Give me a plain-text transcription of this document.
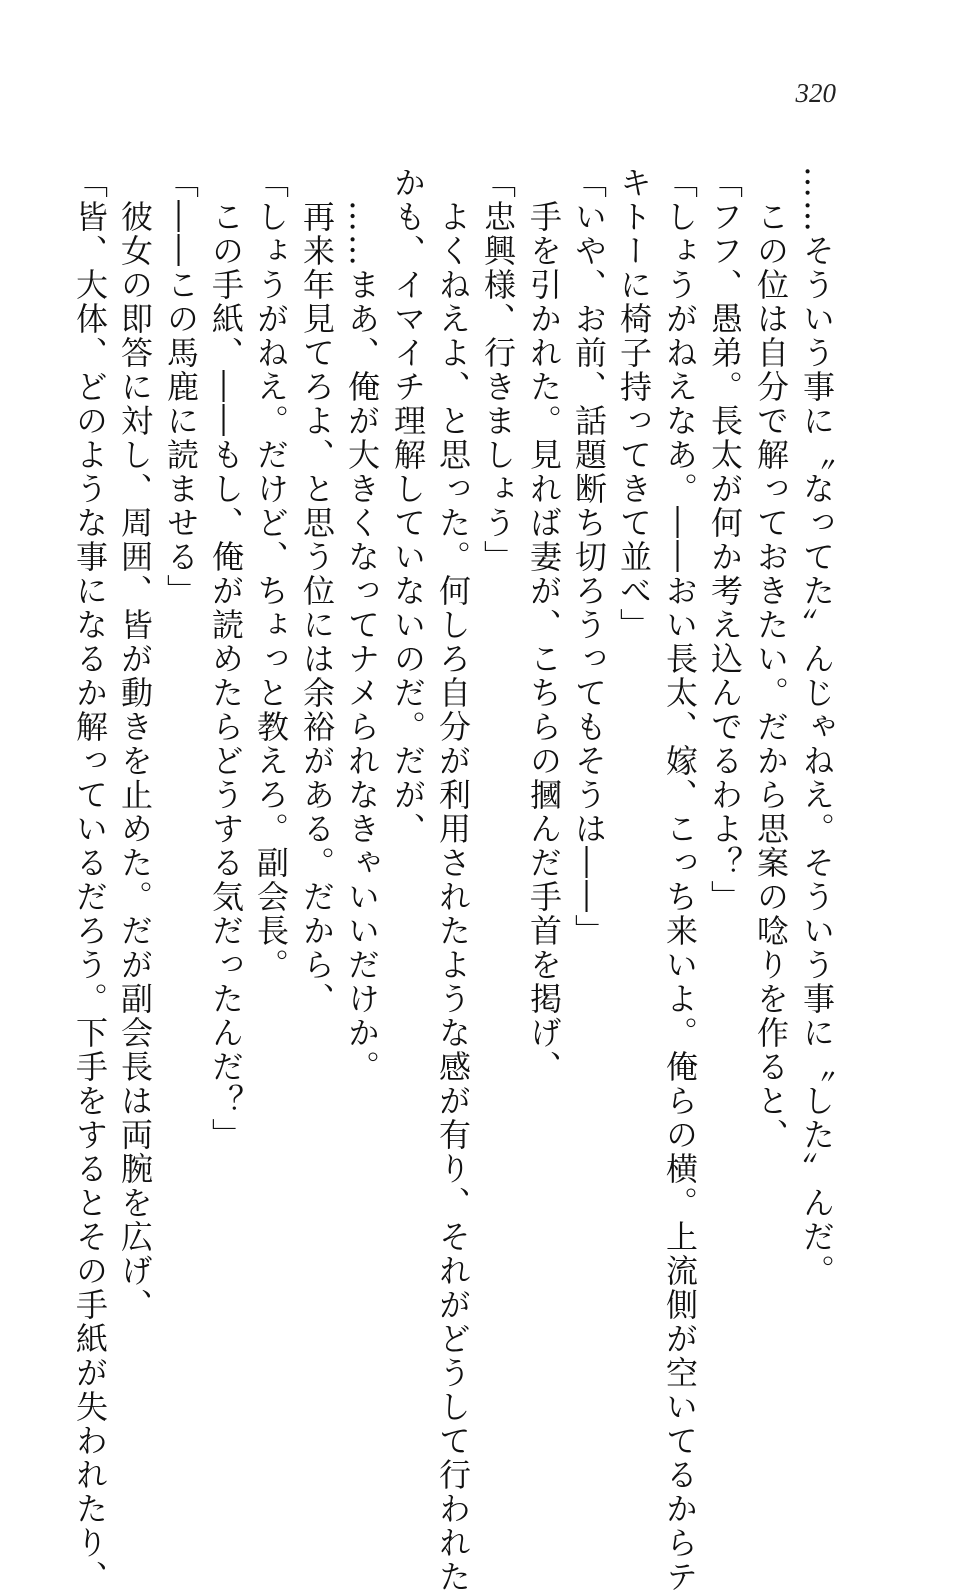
320
……そういう事に〝なってた〟んじゃねえ。そういう事に〝した〟んだ。
この位は自分で解っておきたい。だから思案の唸りを作ると、
「フフ、愚弟。長太が何か考え込んでるわよ？」
「しょうがねえなあ。――おい長太、嫁、こっち来いよ。俺らの横。上流側が空いてるからテ
キトーに椅子持ってきて並べ」
「いや、お前、話題断ち切ろうってもそうは――」
手を引かれた。見れば妻が、こちらの摑んだ手首を掲げ、
「忠興様、行きましょう」
よくねえよ、と思った。何しろ自分が利用されたような感が有り、それがどうして行われた
かも、イマイチ理解していないのだ。だが、
……まあ、俺が大きくなってナメられなきゃいいだけか。
再来年見てろよ、と思う位には余裕がある。だから、
「しょうがねえ。だけど、ちょっと教えろ。副会長。
この手紙、――もし、俺が読めたらどうする気だったんだ？」
「――この馬鹿に読ませる」
彼女の即答に対し、周囲、皆が動きを止めた。だが副会長は両腕を広げ、
「皆、大体、どのような事になるか解っているだろう。下手をするとその手紙が失われたり、
